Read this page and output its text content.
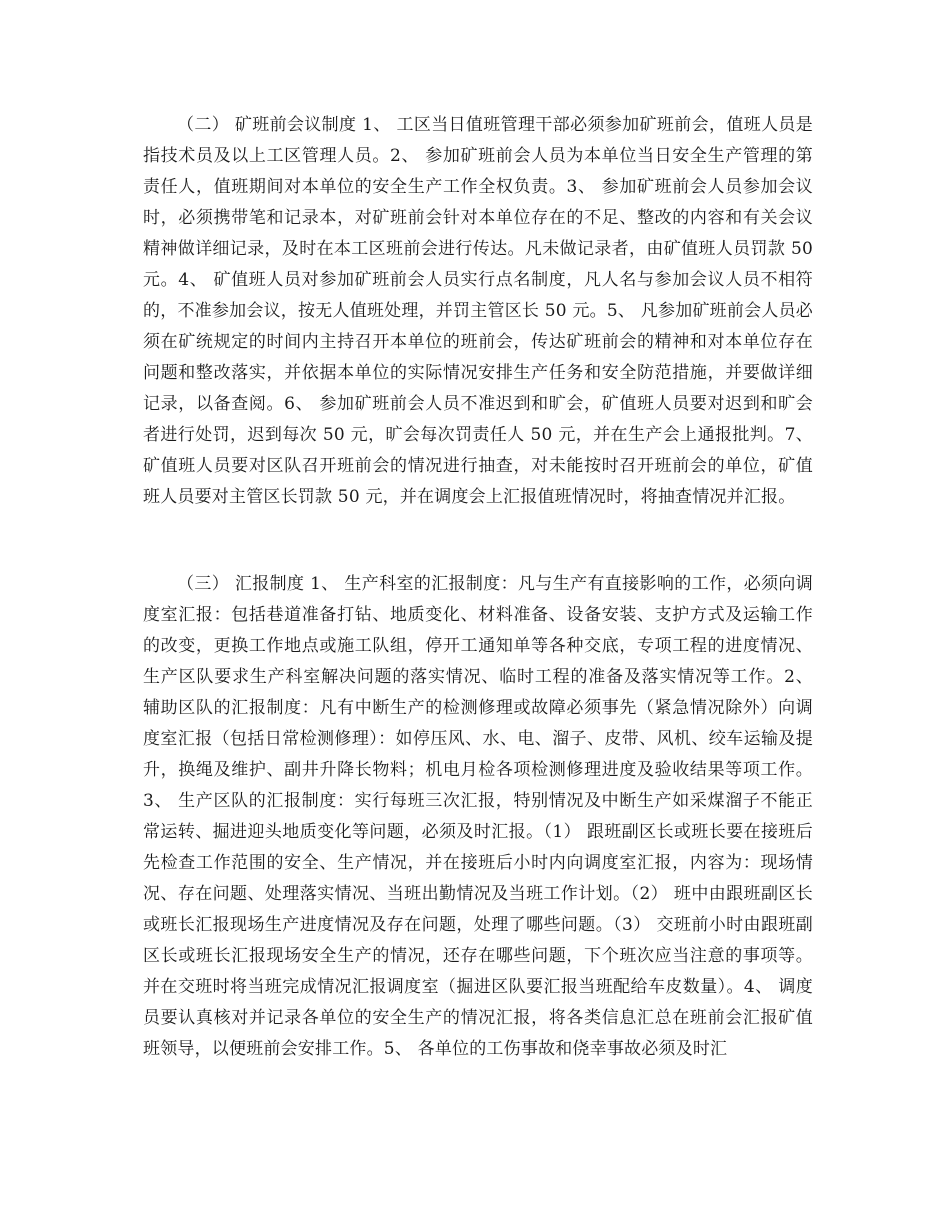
（二） 矿班前会议制度 1、 工区当日值班管理干部必须参加矿班前会，值班人员是指技术员及以上工区管理人员。2、 参加矿班前会人员为本单位当日安全生产管理的第责任人，值班期间对本单位的安全生产工作全权负责。3、 参加矿班前会人员参加会议时，必须携带笔和记录本，对矿班前会针对本单位存在的不足、整改的内容和有关会议精神做详细记录，及时在本工区班前会进行传达。凡未做记录者，由矿值班人员罚款 50 元。4、 矿值班人员对参加矿班前会人员实行点名制度，凡人名与参加会议人员不相符的，不准参加会议，按无人值班处理，并罚主管区长 50 元。5、 凡参加矿班前会人员必须在矿统规定的时间内主持召开本单位的班前会，传达矿班前会的精神和对本单位存在问题和整改落实，并依据本单位的实际情况安排生产任务和安全防范措施，并要做详细记录，以备查阅。6、 参加矿班前会人员不准迟到和旷会，矿值班人员要对迟到和旷会者进行处罚，迟到每次 50 元，旷会每次罚责任人 50 元，并在生产会上通报批判。7、 矿值班人员要对区队召开班前会的情况进行抽查，对未能按时召开班前会的单位，矿值班人员要对主管区长罚款 50 元，并在调度会上汇报值班情况时，将抽查情况并汇报。

（三） 汇报制度 1、 生产科室的汇报制度：凡与生产有直接影响的工作，必须向调度室汇报：包括巷道准备打钻、地质变化、材料准备、设备安装、支护方式及运输工作的改变，更换工作地点或施工队组，停开工通知单等各种交底，专项工程的进度情况、生产区队要求生产科室解决问题的落实情况、临时工程的准备及落实情况等工作。2、 辅助区队的汇报制度：凡有中断生产的检测修理或故障必须事先（紧急情况除外）向调度室汇报（包括日常检测修理）：如停压风、水、电、溜子、皮带、风机、绞车运输及提升，换绳及维护、副井升降长物料；机电月检各项检测修理进度及验收结果等项工作。3、 生产区队的汇报制度：实行每班三次汇报，特别情况及中断生产如采煤溜子不能正常运转、掘进迎头地质变化等问题，必须及时汇报。（1） 跟班副区长或班长要在接班后先检查工作范围的安全、生产情况，并在接班后小时内向调度室汇报，内容为：现场情况、存在问题、处理落实情况、当班出勤情况及当班工作计划。（2） 班中由跟班副区长或班长汇报现场生产进度情况及存在问题，处理了哪些问题。（3） 交班前小时由跟班副区长或班长汇报现场安全生产的情况，还存在哪些问题，下个班次应当注意的事项等。并在交班时将当班完成情况汇报调度室（掘进区队要汇报当班配给车皮数量）。4、 调度员要认真核对并记录各单位的安全生产的情况汇报，将各类信息汇总在班前会汇报矿值班领导，以便班前会安排工作。5、 各单位的工伤事故和侥幸事故必须及时汇
